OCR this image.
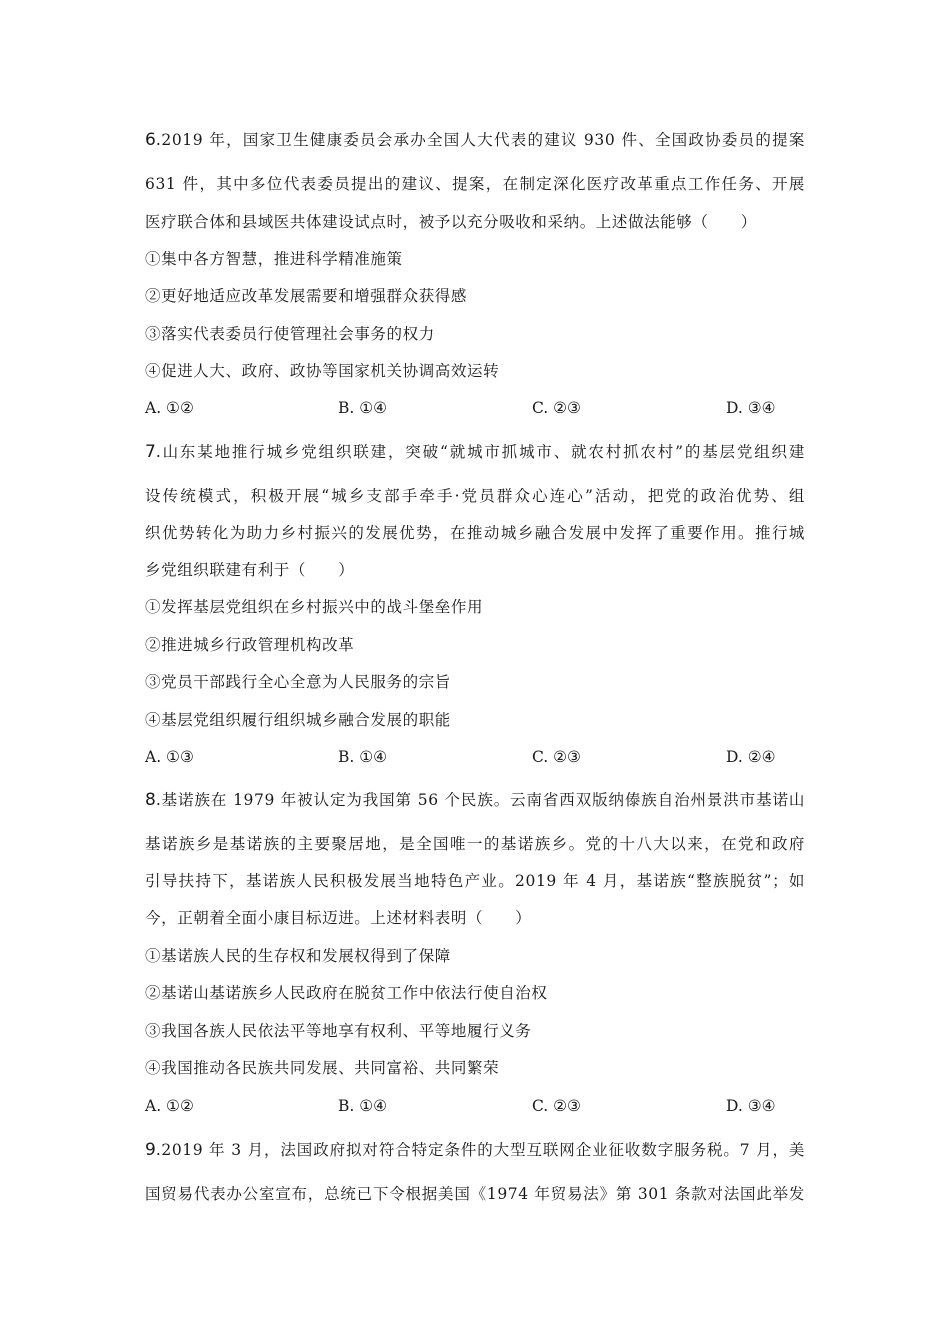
6.2019 年，国家卫生健康委员会承办全国人大代表的建议 930 件、全国政协委员的提案
631 件，其中多位代表委员提出的建议、提案，在制定深化医疗改革重点工作任务、开展
医疗联合体和县域医共体建设试点时，被予以充分吸收和采纳。上述做法能够（　　）
①集中各方智慧，推进科学精准施策
②更好地适应改革发展需要和增强群众获得感
③落实代表委员行使管理社会事务的权力
④促进人大、政府、政协等国家机关协调高效运转
A. ①②	B. ①④	C. ②③	D. ③④
7.山东某地推行城乡党组织联建，突破“就城市抓城市、就农村抓农村”的基层党组织建
设传统模式，积极开展“城乡支部手牵手·党员群众心连心”活动，把党的政治优势、组
织优势转化为助力乡村振兴的发展优势，在推动城乡融合发展中发挥了重要作用。推行城
乡党组织联建有利于（　　）
①发挥基层党组织在乡村振兴中的战斗堡垒作用
②推进城乡行政管理机构改革
③党员干部践行全心全意为人民服务的宗旨
④基层党组织履行组织城乡融合发展的职能
A. ①③	B. ①④	C. ②③	D. ②④
8.基诺族在 1979 年被认定为我国第 56 个民族。云南省西双版纳傣族自治州景洪市基诺山
基诺族乡是基诺族的主要聚居地，是全国唯一的基诺族乡。党的十八大以来，在党和政府
引导扶持下，基诺族人民积极发展当地特色产业。2019 年 4 月，基诺族“整族脱贫”；如
今，正朝着全面小康目标迈进。上述材料表明（　　）
①基诺族人民的生存权和发展权得到了保障
②基诺山基诺族乡人民政府在脱贫工作中依法行使自治权
③我国各族人民依法平等地享有权利、平等地履行义务
④我国推动各民族共同发展、共同富裕、共同繁荣
A. ①②	B. ①④	C. ②③	D. ③④
9.2019 年 3 月，法国政府拟对符合特定条件的大型互联网企业征收数字服务税。7 月，美
国贸易代表办公室宣布，总统已下令根据美国《1974 年贸易法》第 301 条款对法国此举发
